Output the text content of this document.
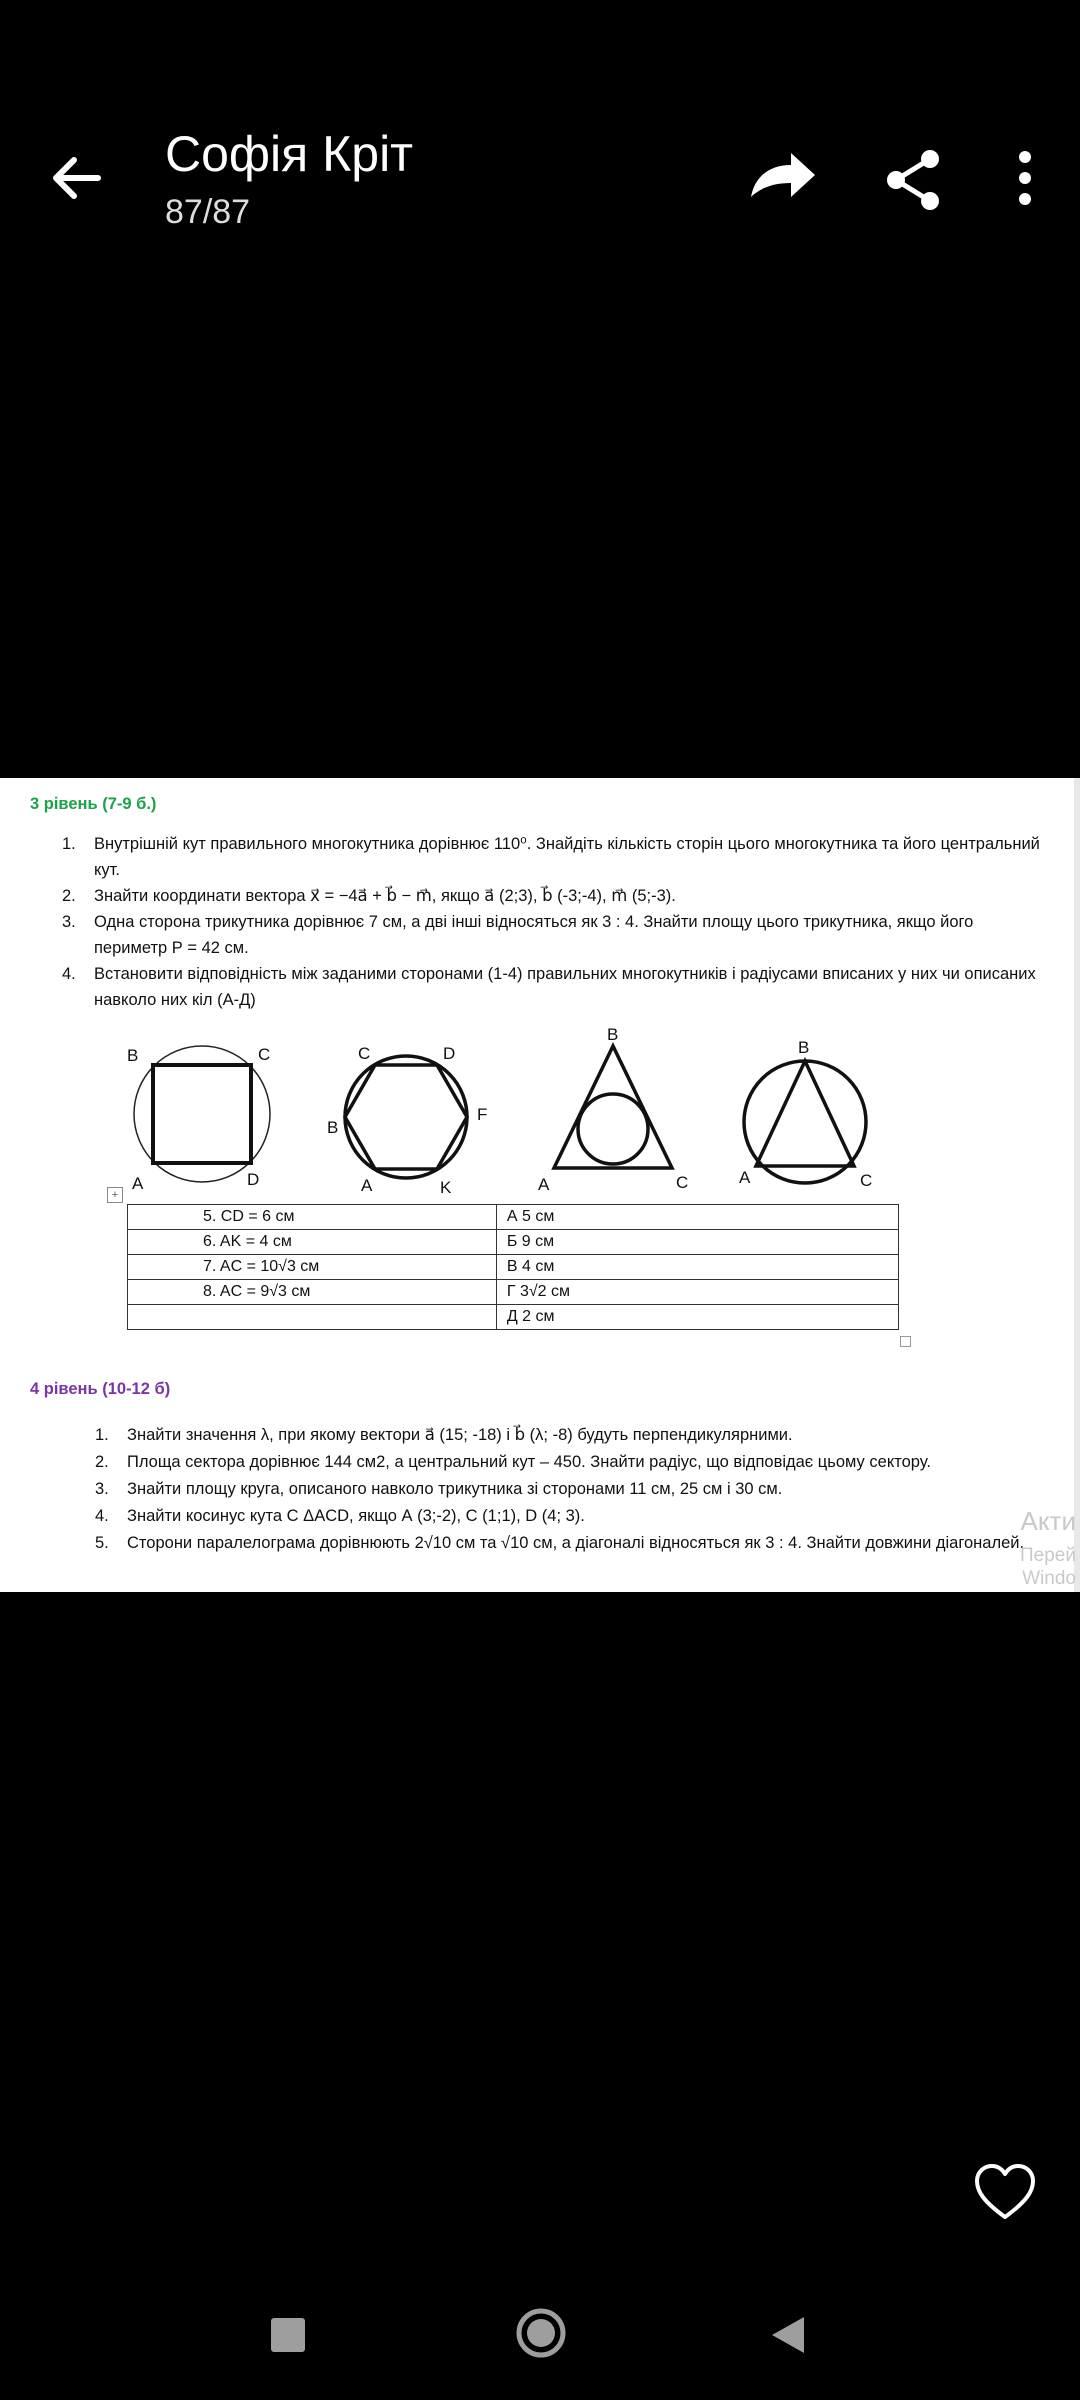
Софія Кріт
87/87
3 рівень (7-9 б.)
1. Внутрішній кут правильного многокутника дорівнює 110⁰. Знайдіть кількість сторін цього многокутника та його центральний кут.
2. Знайти координати вектора x⃗ = −4a⃗ + b⃗ − m⃗, якщо a⃗ (2;3), b⃗ (-3;-4), m⃗ (5;-3).
3. Одна сторона трикутника дорівнює 7 см, а дві інші відносяться як 3 : 4. Знайти площу цього трикутника, якщо його периметр Р = 42 см.
4. Встановити відповідність між заданими сторонами (1-4) правильних многокутників і радіусами вписаних у них чи описаних навколо них кіл (А-Д)
B	C
A	D
C	D
B
F
A	K
B
A	C
B
A	C
+
5. CD = 6 см	А 5 см
6. AK = 4 см	Б 9 см
7. AC = 10√3 см	В 4 см
8. AC = 9√3 см	Г 3√2 см
	Д 2 см
4 рівень (10-12 б)
1. Знайти значення λ, при якому вектори a⃗ (15; -18) і b⃗ (λ; -8) будуть перпендикулярними.
2. Площа сектора дорівнює 144 см2, а центральний кут – 450. Знайти радіус, що відповідає цьому сектору.
3. Знайти площу круга, описаного навколо трикутника зі сторонами 11 см, 25 см і 30 см.
4. Знайти косинус кута С ΔACD, якщо А (3;-2), С (1;1), D (4; 3).
5. Сторони паралелограма дорівнюють 2√10 см та √10 см, а діагоналі відносяться як 3 : 4. Знайти довжини діагоналей.
Акти
Перей
Windo
